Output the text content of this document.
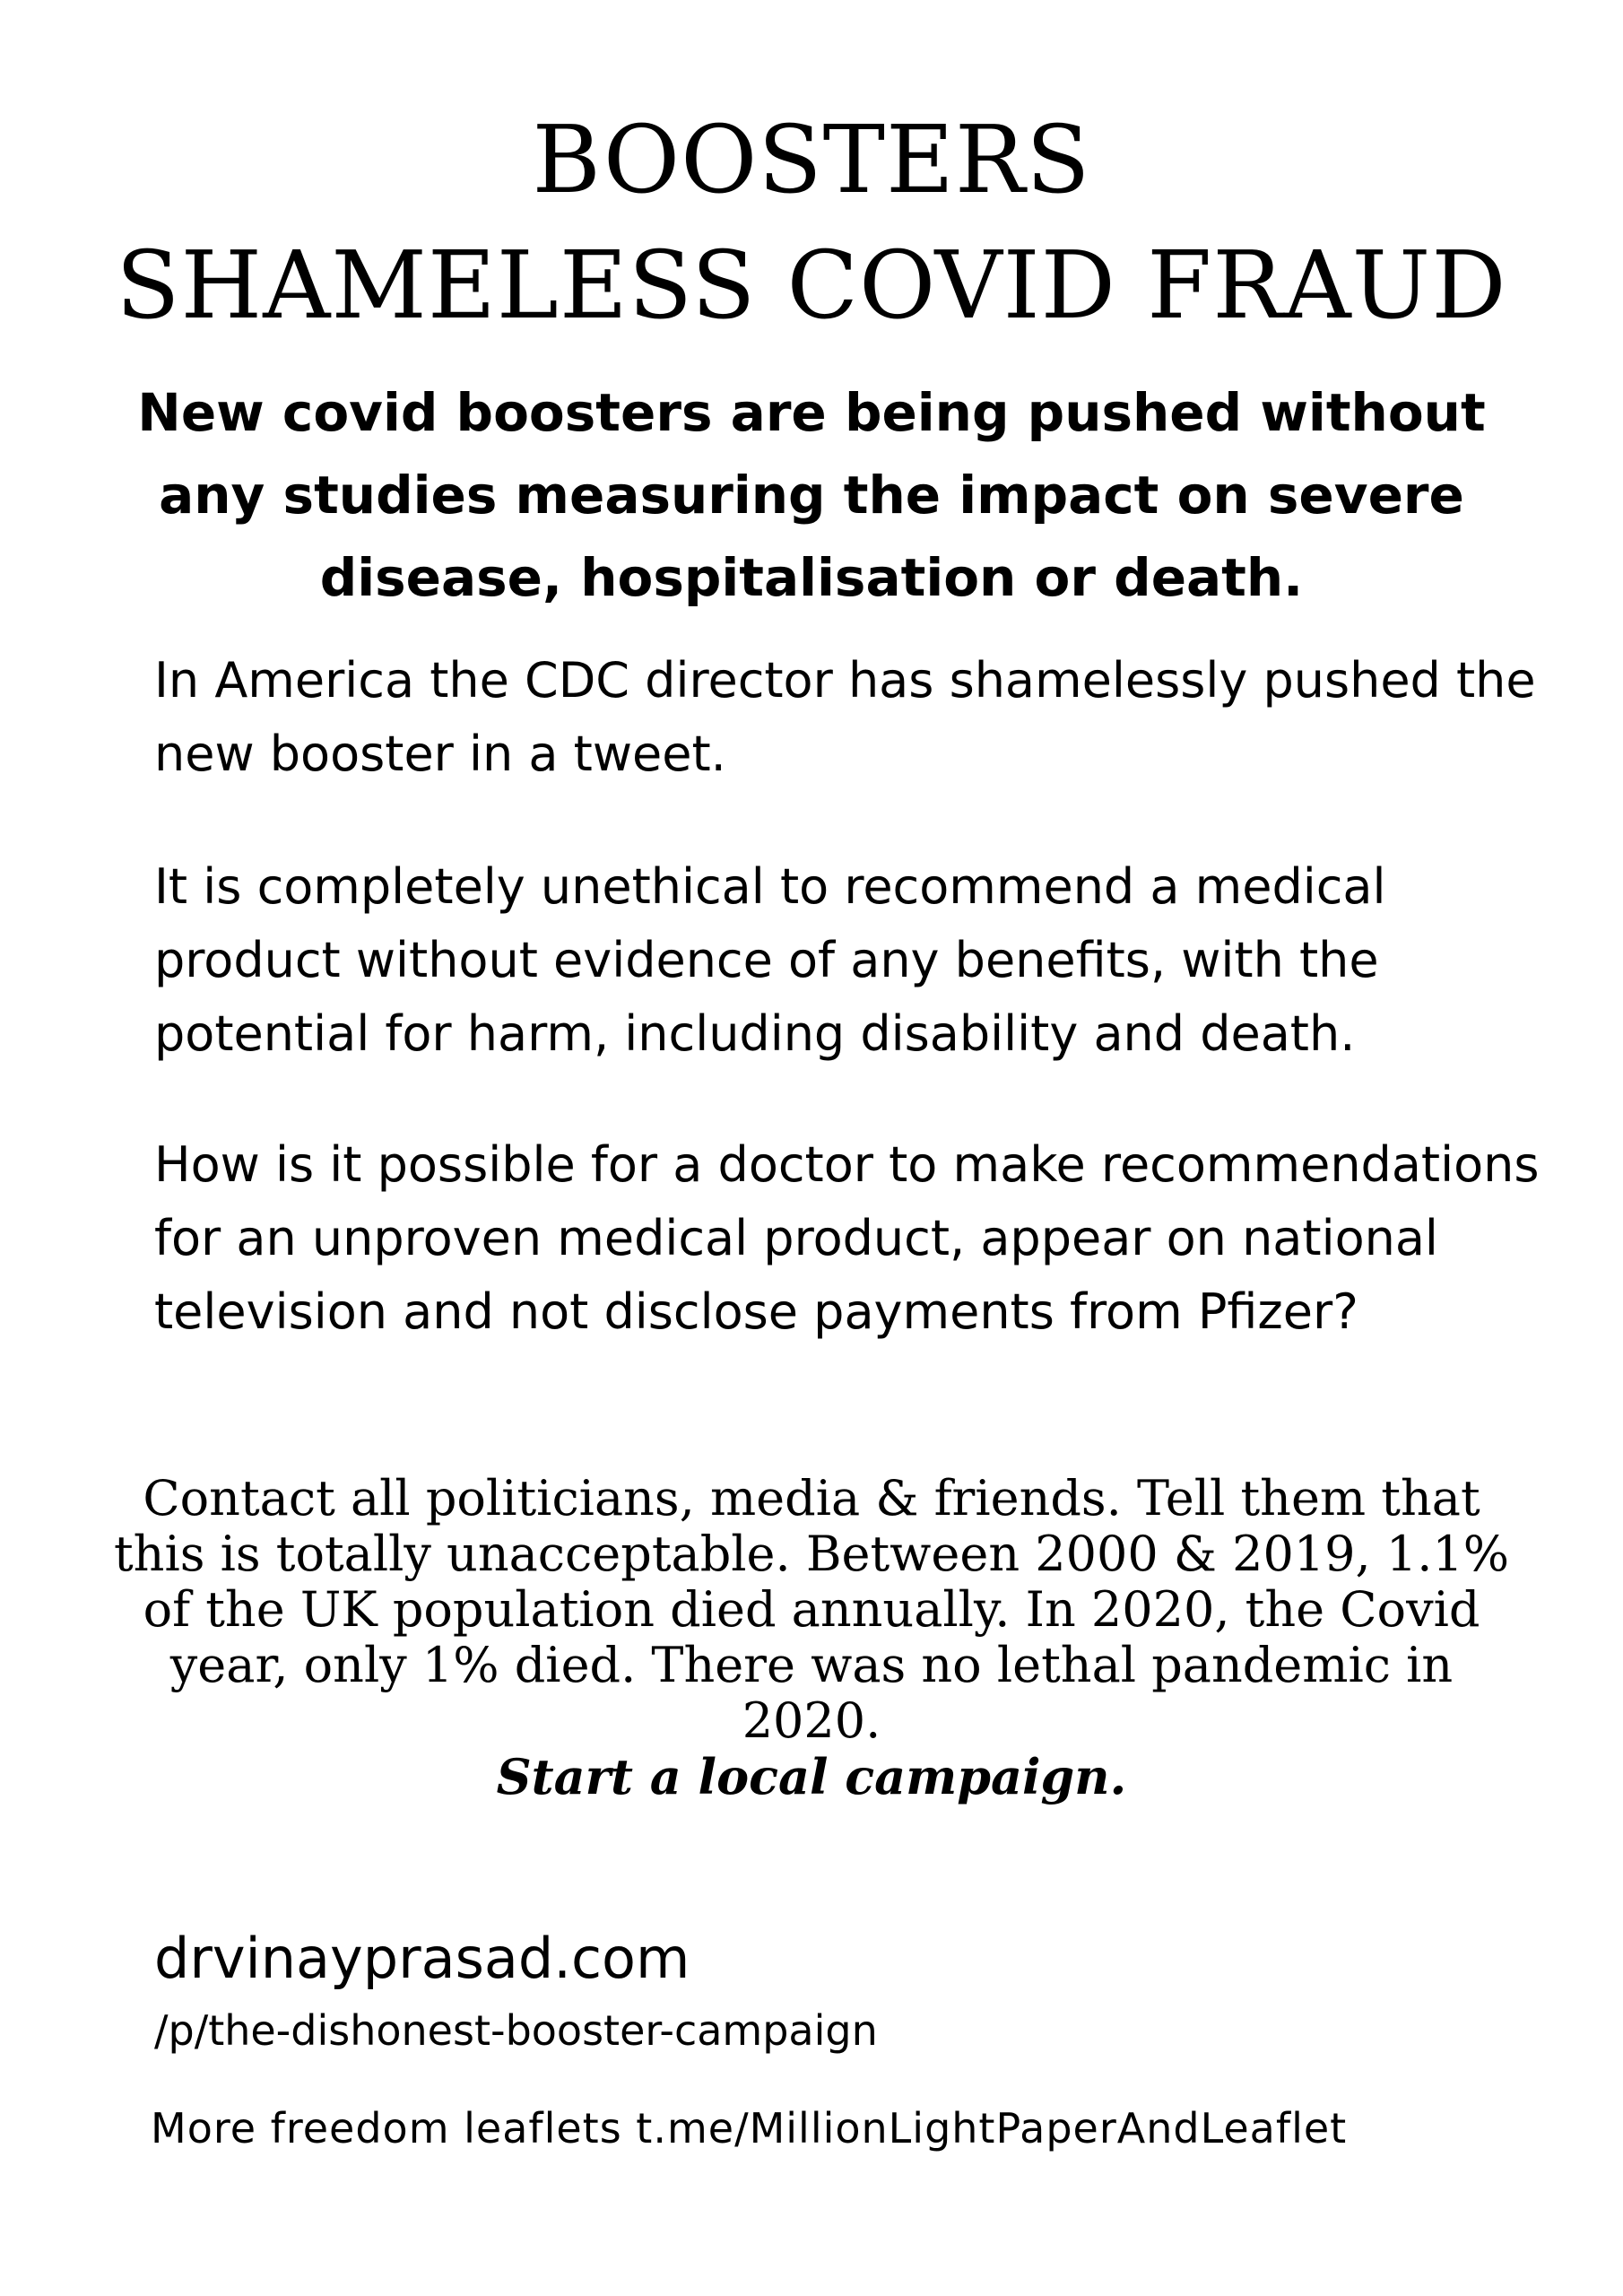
BOOSTERS
SHAMELESS COVID FRAUD
New covid boosters are being pushed without any studies measuring the impact on severe disease, hospitalisation or death.
In America the CDC director has shamelessly pushed the new booster in a tweet.
It is completely unethical to recommend a medical product without evidence of any benefits, with the potential for harm, including disability and death.
How is it possible for a doctor to make recommendations for an unproven medical product, appear on national television and not disclose payments from Pfizer?
Contact all politicians, media & friends. Tell them that this is totally unacceptable. Between 2000 & 2019, 1.1% of the UK population died annually. In 2020, the Covid year, only 1% died. There was no lethal pandemic in 2020.
Start a local campaign.
drvinayprasad.com
/p/the-dishonest-booster-campaign
More freedom leaflets t.me/MillionLightPaperAndLeaflet
